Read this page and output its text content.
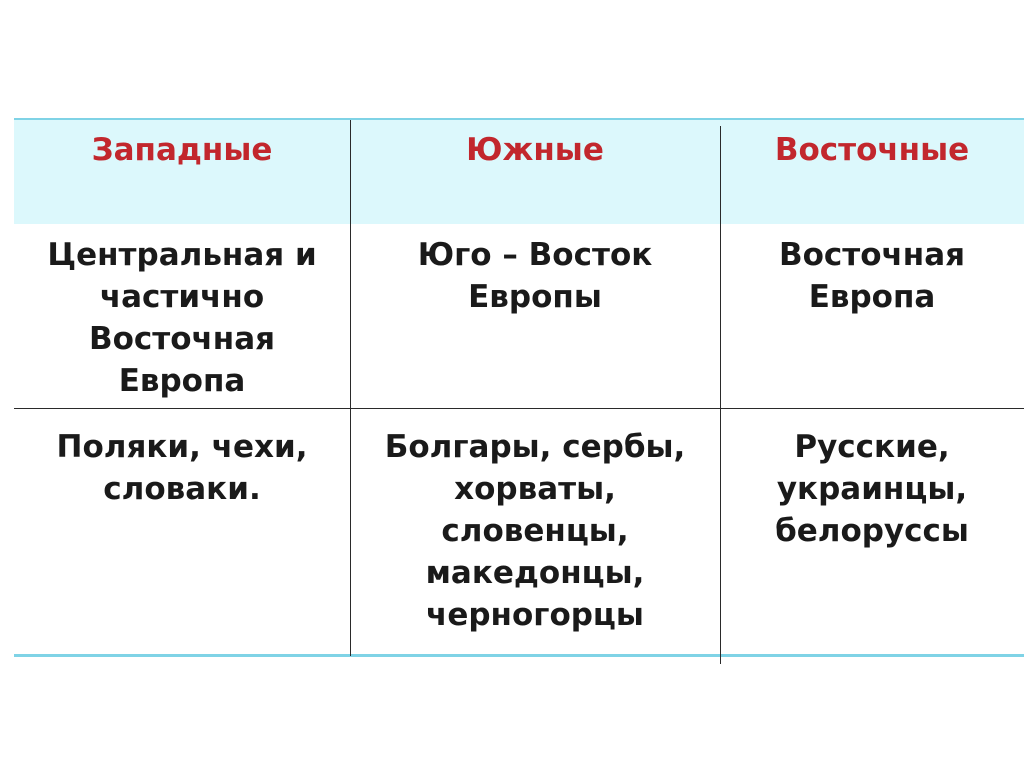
Западные	Южные	Восточные
Центральная и
частично
Восточная
Европа
Юго – Восток
Европы
Восточная
Европа
Поляки, чехи,
словаки.
Болгары, сербы,
хорваты,
словенцы,
македонцы,
черногорцы
Русские,
украинцы,
белоруссы
